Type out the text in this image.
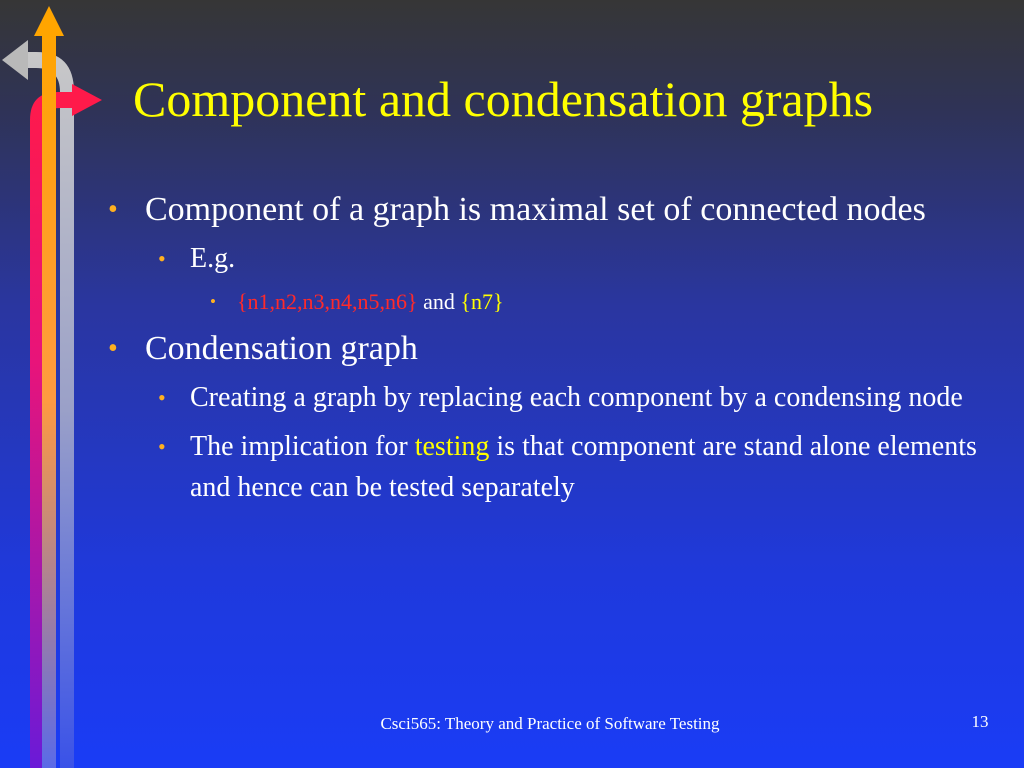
Component and condensation graphs
• Component of a graph is maximal set of connected nodes
• E.g.
• {n1,n2,n3,n4,n5,n6} and {n7}
• Condensation graph
• Creating a graph by replacing each component by a condensing node
• The implication for testing is that component are stand alone elements and hence can be tested separately
Csci565: Theory and Practice of Software Testing	13
